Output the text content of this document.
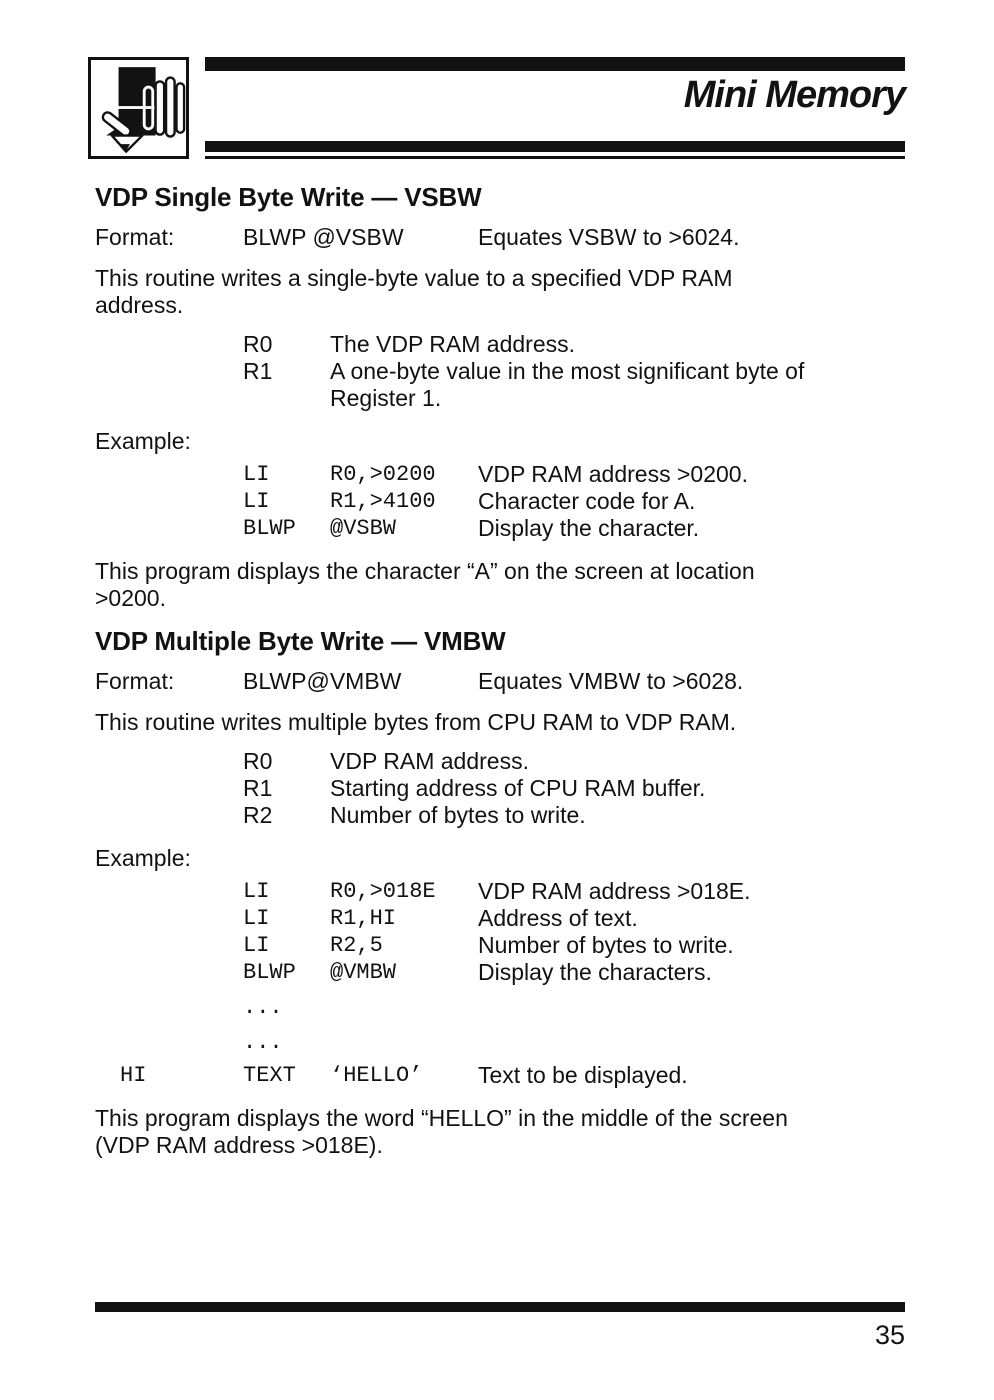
Mini Memory
VDP Single Byte Write — VSBW
Format:	BLWP @VSBW	Equates VSBW to >6024.
This routine writes a single-byte value to a specified VDP RAM
address.
R0	The VDP RAM address.
R1	A one-byte value in the most significant byte of
Register 1.
Example:
LI	R0,>0200	VDP RAM address >0200.
LI	R1,>4100	Character code for A.
BLWP	@VSBW	Display the character.
This program displays the character “A” on the screen at location
>0200.
VDP Multiple Byte Write — VMBW
Format:	BLWP@VMBW	Equates VMBW to >6028.
This routine writes multiple bytes from CPU RAM to VDP RAM.
R0	VDP RAM address.
R1	Starting address of CPU RAM buffer.
R2	Number of bytes to write.
Example:
LI	R0,>018E	VDP RAM address >018E.
LI	R1,HI	Address of text.
LI	R2,5	Number of bytes to write.
BLWP	@VMBW	Display the characters.
...
...
HI	TEXT	‘HELLO’	Text to be displayed.
This program displays the word “HELLO” in the middle of the screen
(VDP RAM address >018E).
35
